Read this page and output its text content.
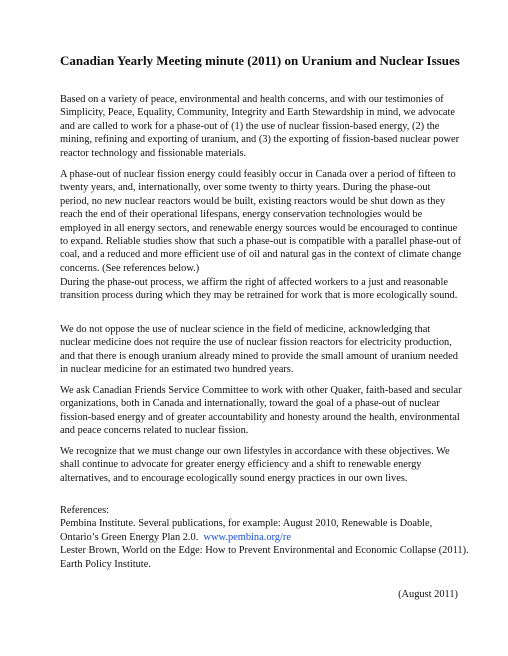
Canadian Yearly Meeting minute (2011) on Uranium and Nuclear Issues

Based on a variety of peace, environmental and health concerns, and with our testimonies of Simplicity, Peace, Equality, Community, Integrity and Earth Stewardship in mind, we advocate and are called to work for a phase-out of (1) the use of nuclear fission-based energy, (2) the mining, refining and exporting of uranium, and (3) the exporting of fission-based nuclear power reactor technology and fissionable materials.

A phase-out of nuclear fission energy could feasibly occur in Canada over a period of fifteen to twenty years, and, internationally, over some twenty to thirty years. During the phase-out period, no new nuclear reactors would be built, existing reactors would be shut down as they reach the end of their operational lifespans, energy conservation technologies would be employed in all energy sectors, and renewable energy sources would be encouraged to continue to expand. Reliable studies show that such a phase-out is compatible with a parallel phase-out of coal, and a reduced and more efficient use of oil and natural gas in the context of climate change concerns. (See references below.)

During the phase-out process, we affirm the right of affected workers to a just and reasonable transition process during which they may be retrained for work that is more ecologically sound.

We do not oppose the use of nuclear science in the field of medicine, acknowledging that nuclear medicine does not require the use of nuclear fission reactors for electricity production, and that there is enough uranium already mined to provide the small amount of uranium needed in nuclear medicine for an estimated two hundred years.

We ask Canadian Friends Service Committee to work with other Quaker, faith-based and secular organizations, both in Canada and internationally, toward the goal of a phase-out of nuclear fission-based energy and of greater accountability and honesty around the health, environmental and peace concerns related to nuclear fission.

We recognize that we must change our own lifestyles in accordance with these objectives. We shall continue to advocate for greater energy efficiency and a shift to renewable energy alternatives, and to encourage ecologically sound energy practices in our own lives.

References:
Pembina Institute. Several publications, for example: August 2010, Renewable is Doable, Ontario’s Green Energy Plan 2.0. www.pembina.org/re
Lester Brown, World on the Edge: How to Prevent Environmental and Economic Collapse (2011). Earth Policy Institute.
(August 2011)
